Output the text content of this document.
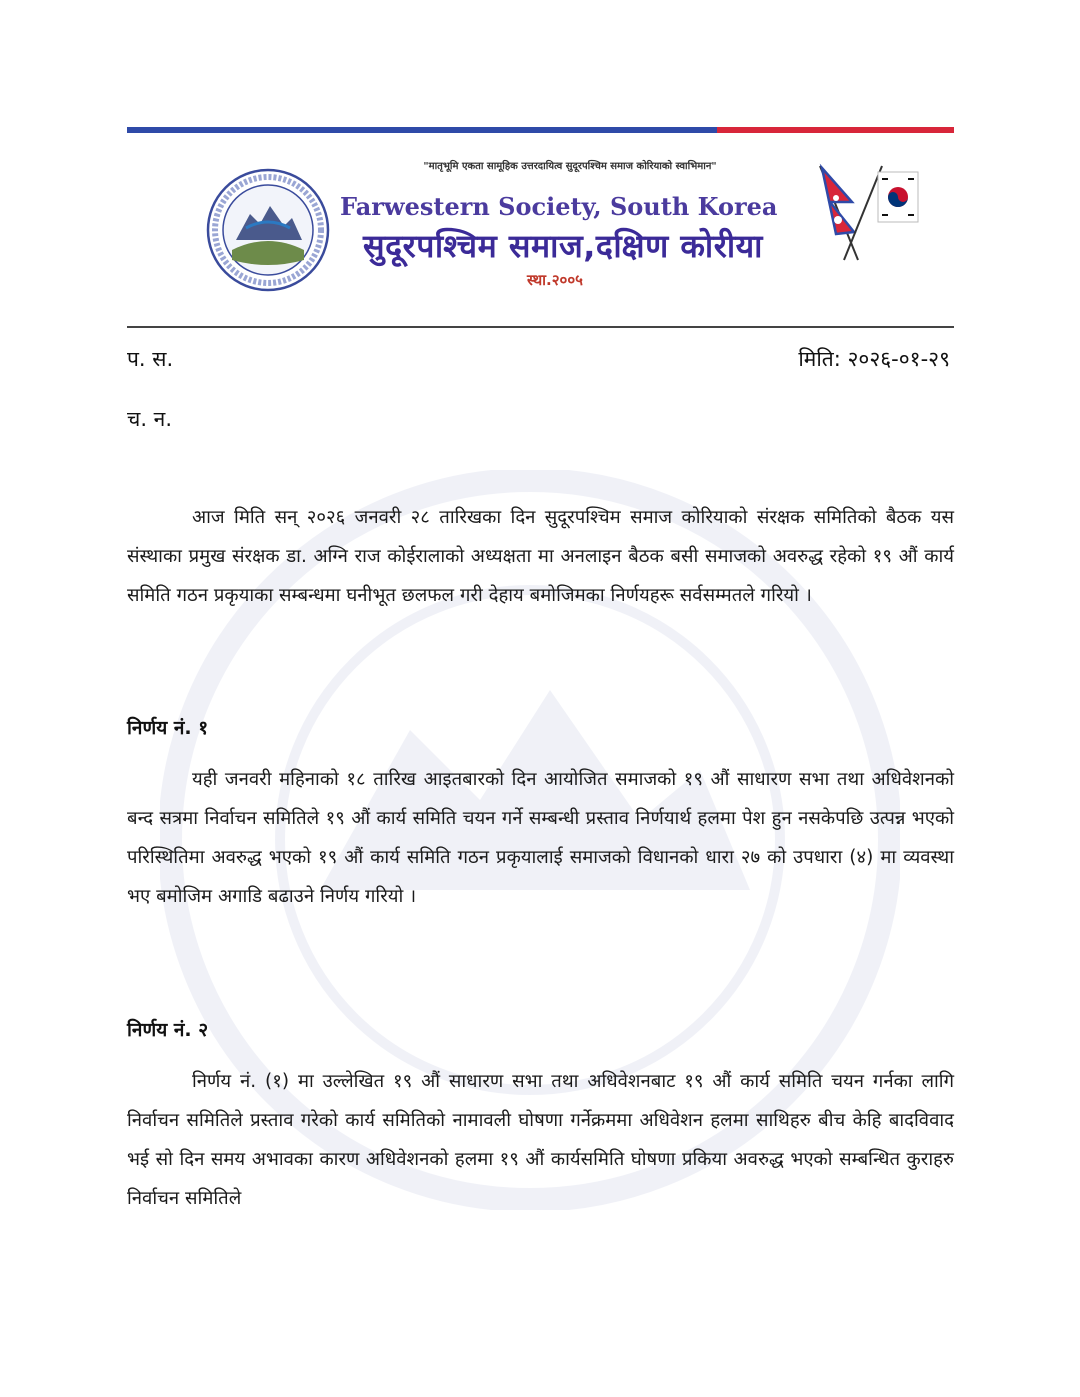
"मातृभूमि एकता सामूहिक उत्तरदायित्व सुदूरपश्चिम समाज कोरियाको स्वाभिमान"
Farwestern Society, South Korea
सुदूरपश्चिम समाज,दक्षिण कोरीया
स्था.२००५
प. स.	मिति: २०२६-०१-२९
च. न.
आज मिति सन् २०२६ जनवरी २८ तारिखका दिन सुदूरपश्चिम समाज कोरियाको संरक्षक समितिको बैठक यस संस्थाका प्रमुख संरक्षक डा. अग्नि राज कोईरालाको अध्यक्षता मा अनलाइन बैठक बसी समाजको अवरुद्ध रहेको १९ औं कार्य समिति गठन प्रकृयाका सम्बन्धमा घनीभूत छलफल गरी देहाय बमोजिमका निर्णयहरू सर्वसम्मतले गरियो ।
निर्णय नं. १
यही जनवरी महिनाको १८ तारिख आइतबारको दिन आयोजित समाजको १९ औं साधारण सभा तथा अधिवेशनको बन्द सत्रमा निर्वाचन समितिले १९ औं कार्य समिति चयन गर्ने सम्बन्धी प्रस्ताव निर्णयार्थ हलमा पेश हुन नसकेपछि उत्पन्न भएको परिस्थितिमा अवरुद्ध भएको १९ औं कार्य समिति गठन प्रकृयालाई समाजको विधानको धारा २७ को उपधारा (४) मा व्यवस्था भए बमोजिम अगाडि बढाउने निर्णय गरियो ।
निर्णय नं. २
निर्णय नं. (१) मा उल्लेखित १९ औं साधारण सभा तथा अधिवेशनबाट १९ औं कार्य समिति चयन गर्नका लागि निर्वाचन समितिले प्रस्ताव गरेको कार्य समितिको नामावली घोषणा गर्नेक्रममा अधिवेशन हलमा साथिहरु बीच केहि बादविवाद भई सो दिन समय अभावका कारण अधिवेशनको हलमा १९ औं कार्यसमिति घोषणा प्रकिया अवरुद्ध भएको सम्बन्धित कुराहरु निर्वाचन समितिले
